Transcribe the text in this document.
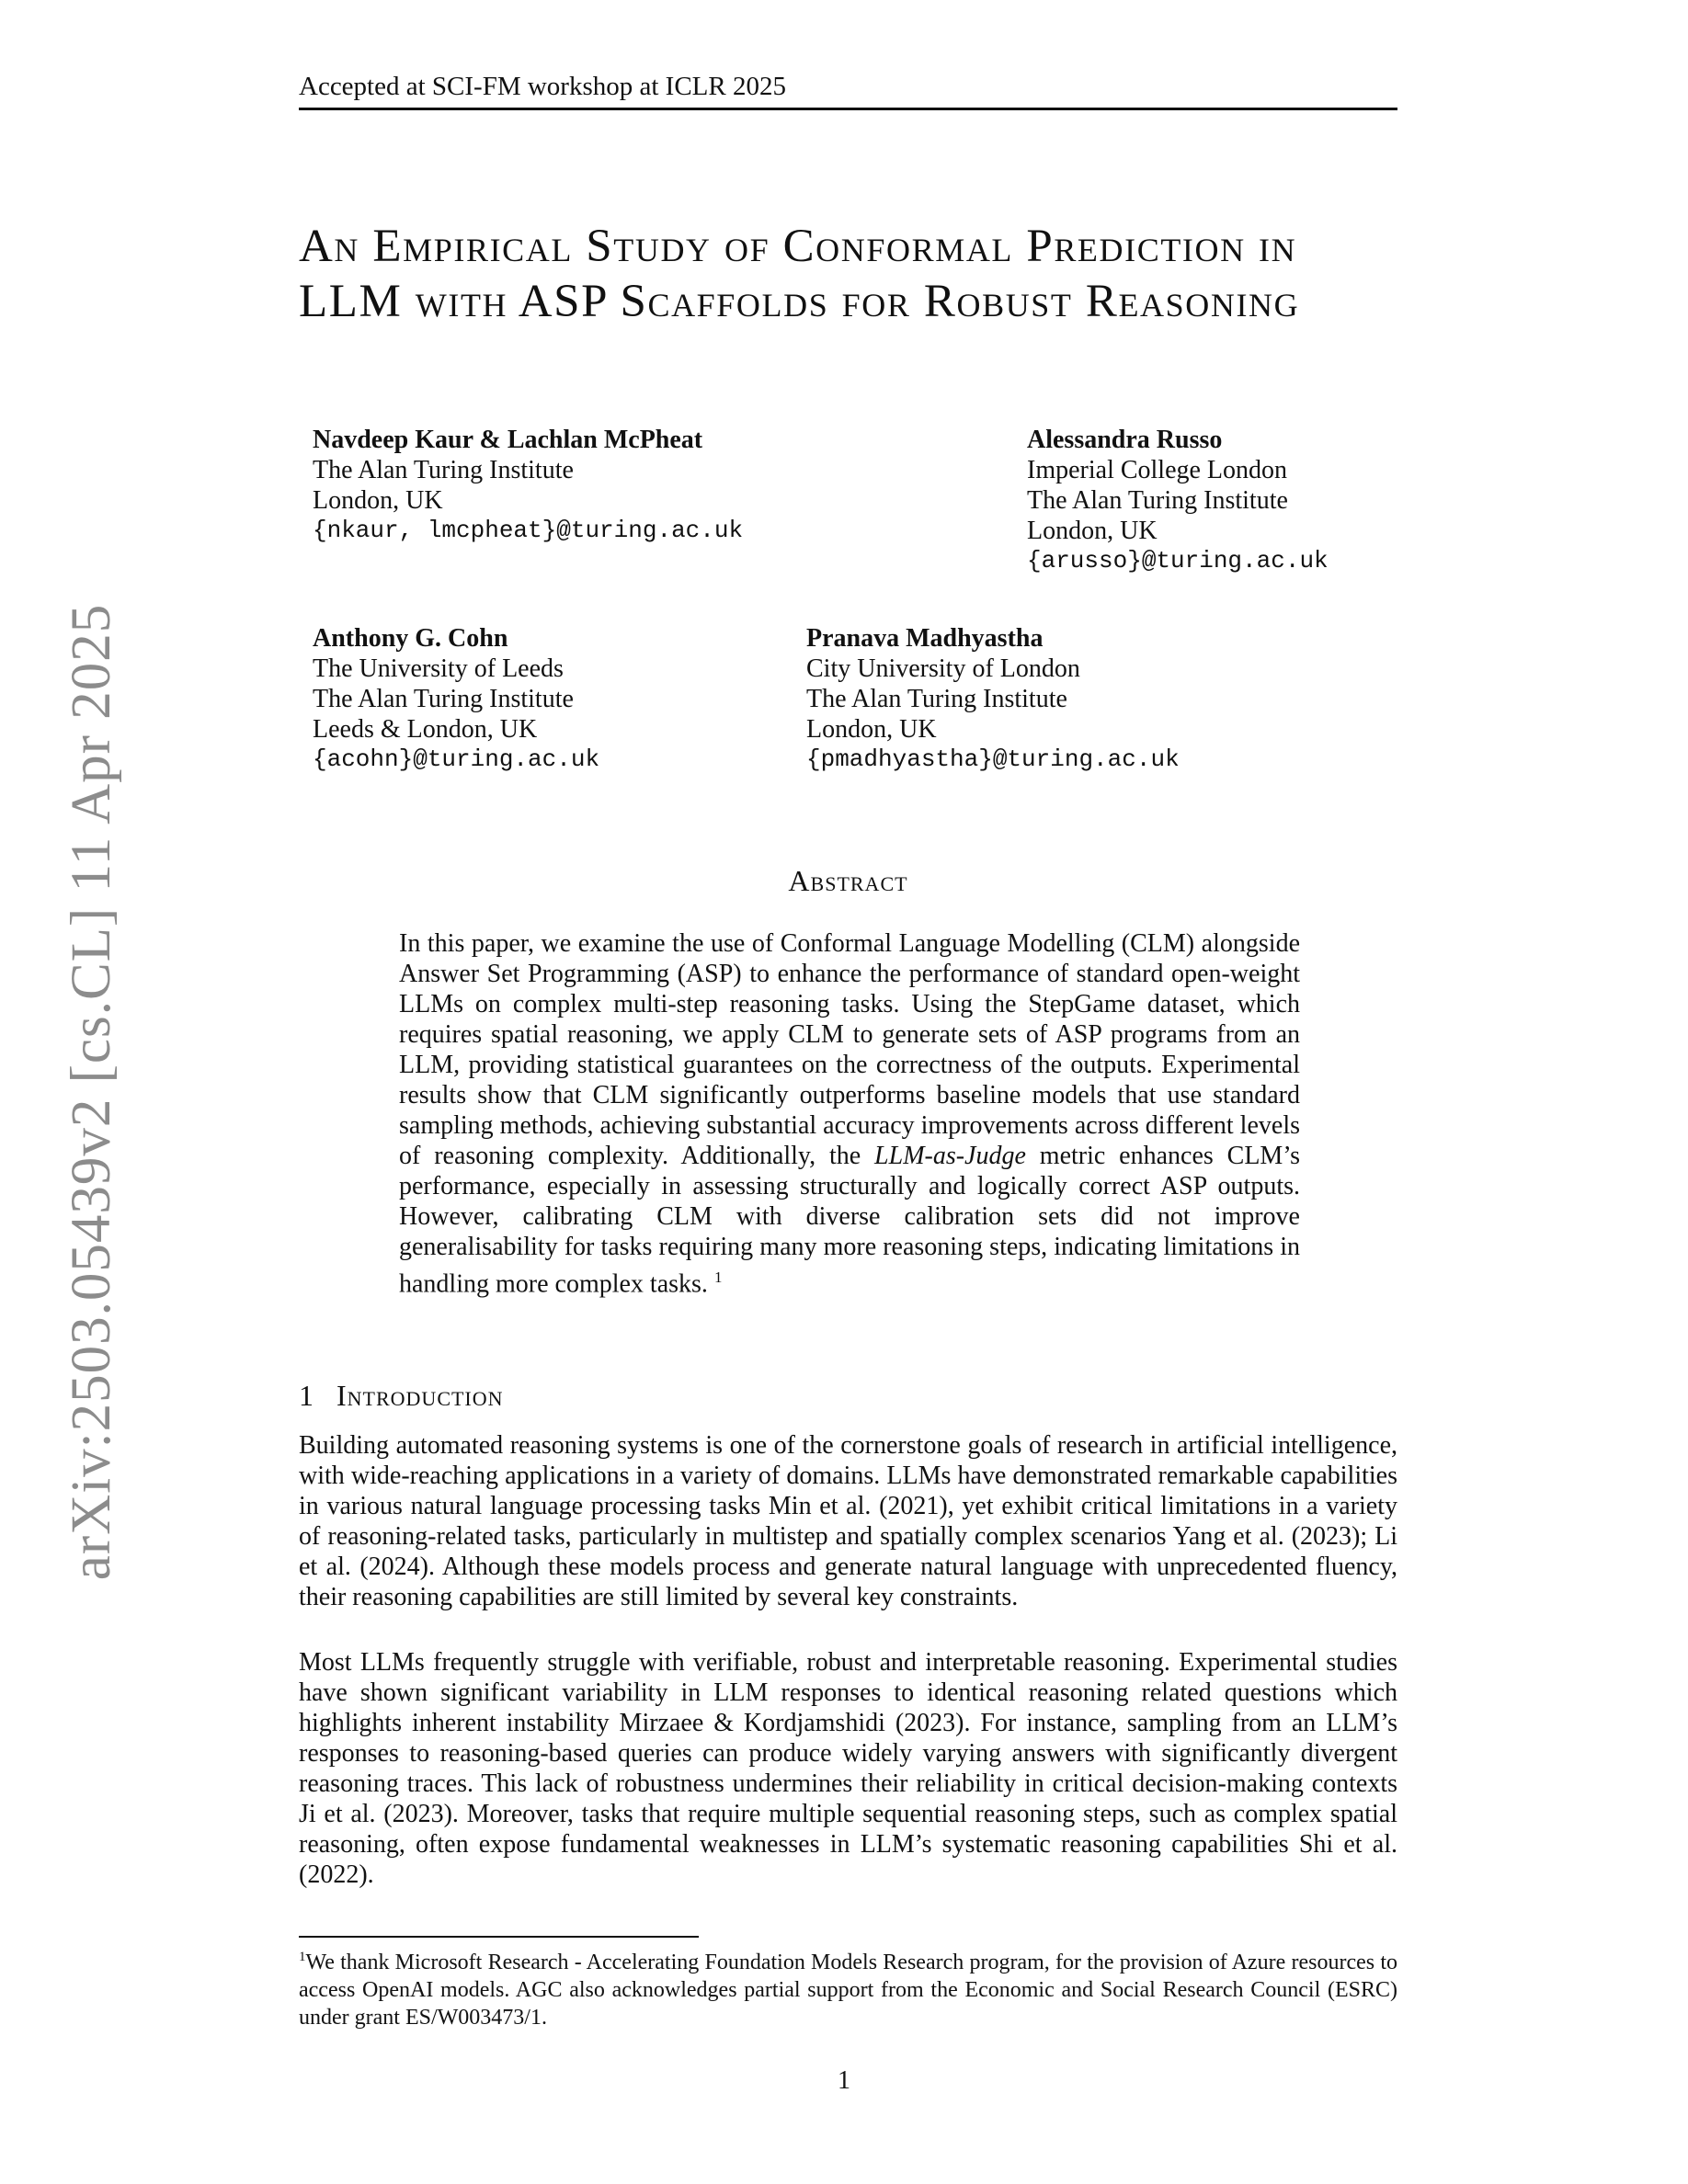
arXiv:2503.05439v2 [cs.CL] 11 Apr 2025
Accepted at SCI-FM workshop at ICLR 2025
An Empirical Study of Conformal Prediction in LLM with ASP Scaffolds for Robust Reasoning
Navdeep Kaur & Lachlan McPheat
The Alan Turing Institute
London, UK
{nkaur, lmcpheat}@turing.ac.uk
Alessandra Russo
Imperial College London
The Alan Turing Institute
London, UK
{arusso}@turing.ac.uk
Anthony G. Cohn
The University of Leeds
The Alan Turing Institute
Leeds & London, UK
{acohn}@turing.ac.uk
Pranava Madhyastha
City University of London
The Alan Turing Institute
London, UK
{pmadhyastha}@turing.ac.uk
Abstract

In this paper, we examine the use of Conformal Language Modelling (CLM) alongside Answer Set Programming (ASP) to enhance the performance of standard open-weight LLMs on complex multi-step reasoning tasks. Using the StepGame dataset, which requires spatial reasoning, we apply CLM to generate sets of ASP programs from an LLM, providing statistical guarantees on the correctness of the outputs. Experimental results show that CLM significantly outperforms baseline models that use standard sampling methods, achieving substantial accuracy improvements across different levels of reasoning complexity. Additionally, the LLM-as-Judge metric enhances CLM’s performance, especially in assessing structurally and logically correct ASP outputs. However, calibrating CLM with diverse calibration sets did not improve generalisability for tasks requiring many more reasoning steps, indicating limitations in handling more complex tasks. $^1$

1 Introduction

Building automated reasoning systems is one of the cornerstone goals of research in artificial intelligence, with wide-reaching applications in a variety of domains. LLMs have demonstrated remarkable capabilities in various natural language processing tasks Min et al. (2021), yet exhibit critical limitations in a variety of reasoning-related tasks, particularly in multistep and spatially complex scenarios Yang et al. (2023); Li et al. (2024). Although these models process and generate natural language with unprecedented fluency, their reasoning capabilities are still limited by several key constraints.

Most LLMs frequently struggle with verifiable, robust and interpretable reasoning. Experimental studies have shown significant variability in LLM responses to identical reasoning related questions which highlights inherent instability Mirzaee & Kordjamshidi (2023). For instance, sampling from an LLM’s responses to reasoning-based queries can produce widely varying answers with significantly divergent reasoning traces. This lack of robustness undermines their reliability in critical decision-making contexts Ji et al. (2023). Moreover, tasks that require multiple sequential reasoning steps, such as complex spatial reasoning, often expose fundamental weaknesses in LLM’s systematic reasoning capabilities Shi et al. (2022).

$^1$We thank Microsoft Research - Accelerating Foundation Models Research program, for the provision of Azure resources to access OpenAI models. AGC also acknowledges partial support from the Economic and Social Research Council (ESRC) under grant ES/W003473/1.

1
